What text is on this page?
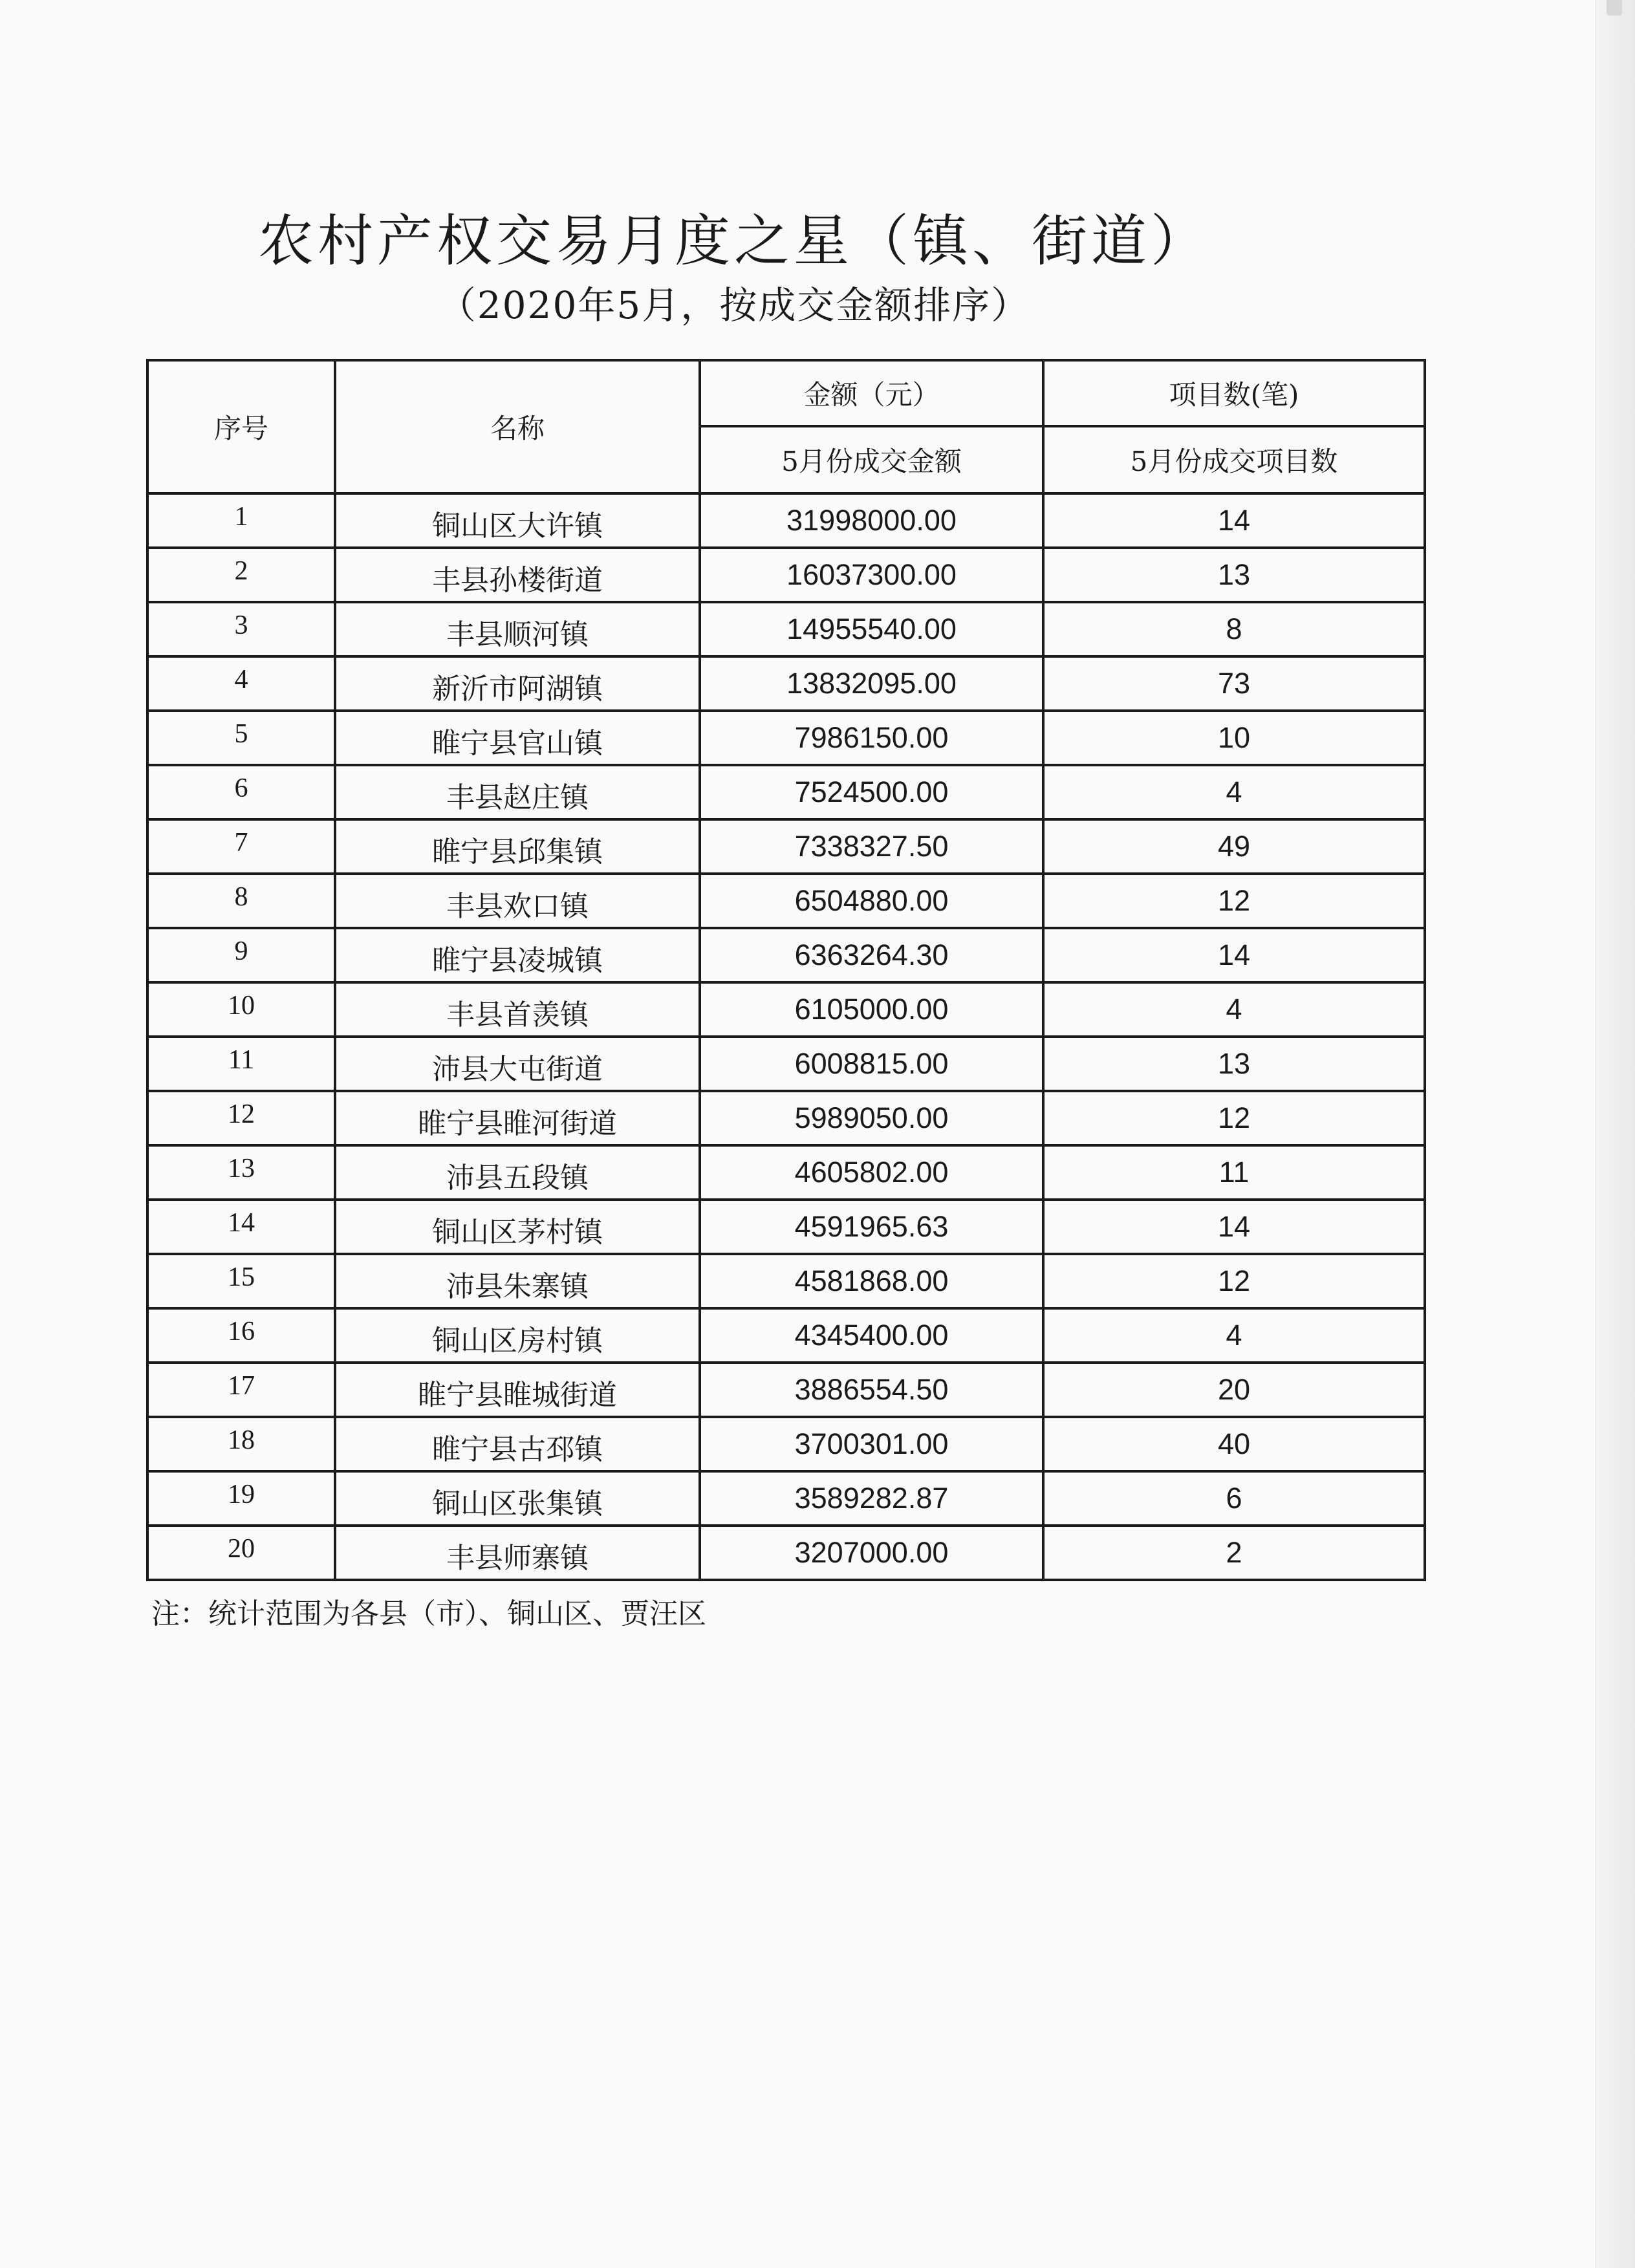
农村产权交易月度之星（镇、街道）
（2020年5月，按成交金额排序）
序号	名称	金额（元）	项目数(笔)
		5月份成交金额	5月份成交项目数
1	铜山区大许镇	31998000.00	14
2	丰县孙楼街道	16037300.00	13
3	丰县顺河镇	14955540.00	8
4	新沂市阿湖镇	13832095.00	73
5	睢宁县官山镇	7986150.00	10
6	丰县赵庄镇	7524500.00	4
7	睢宁县邱集镇	7338327.50	49
8	丰县欢口镇	6504880.00	12
9	睢宁县凌城镇	6363264.30	14
10	丰县首羡镇	6105000.00	4
11	沛县大屯街道	6008815.00	13
12	睢宁县睢河街道	5989050.00	12
13	沛县五段镇	4605802.00	11
14	铜山区茅村镇	4591965.63	14
15	沛县朱寨镇	4581868.00	12
16	铜山区房村镇	4345400.00	4
17	睢宁县睢城街道	3886554.50	20
18	睢宁县古邳镇	3700301.00	40
19	铜山区张集镇	3589282.87	6
20	丰县师寨镇	3207000.00	2
注：统计范围为各县（市）、铜山区、贾汪区
